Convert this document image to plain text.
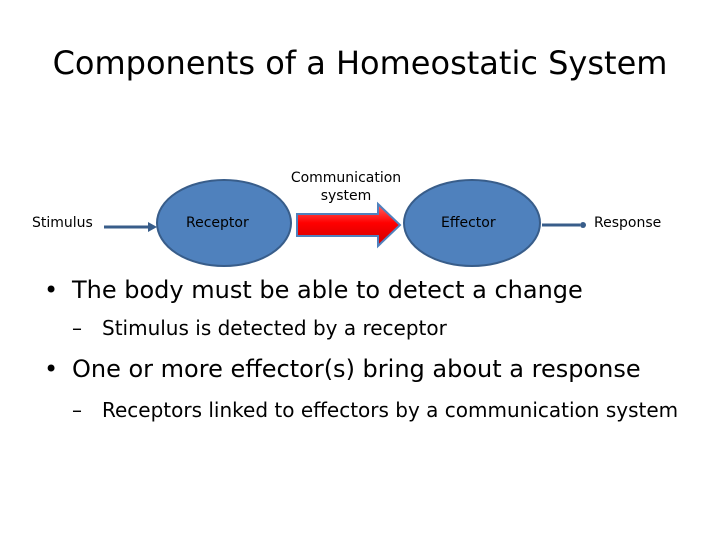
Components of a Homeostatic System
Stimulus	Receptor
Communication
system
Effector	Response
• The body must be able to detect a change
– Stimulus is detected by a receptor
• One or more effector(s) bring about a response
– Receptors linked to effectors by a communication system
